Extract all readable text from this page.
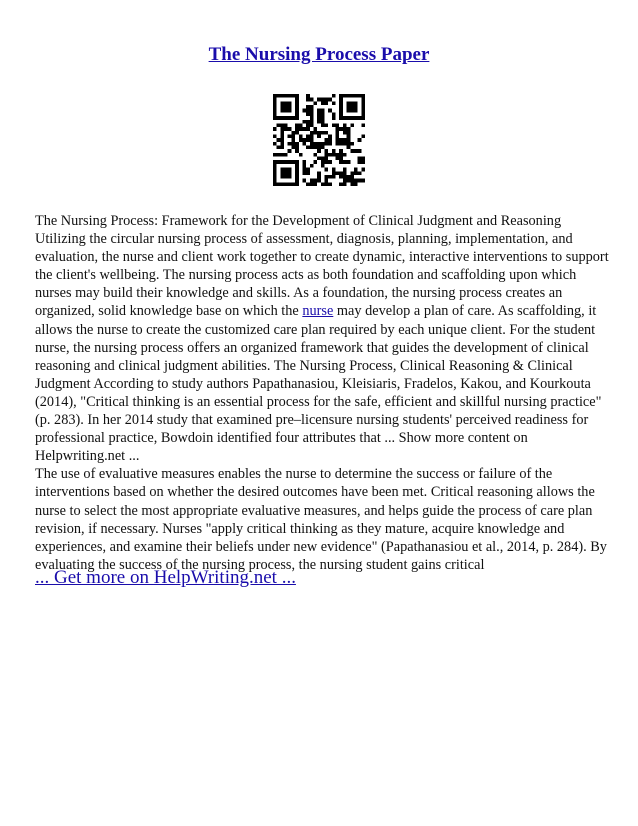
The Nursing Process Paper

The Nursing Process: Framework for the Development of Clinical Judgment and Reasoning Utilizing the circular nursing process of assessment, diagnosis, planning, implementation, and evaluation, the nurse and client work together to create dynamic, interactive interventions to support the client's wellbeing. The nursing process acts as both foundation and scaffolding upon which nurses may build their knowledge and skills. As a foundation, the nursing process creates an organized, solid knowledge base on which the nurse may develop a plan of care. As scaffolding, it allows the nurse to create the customized care plan required by each unique client. For the student nurse, the nursing process offers an organized framework that guides the development of clinical reasoning and clinical judgment abilities. The Nursing Process, Clinical Reasoning & Clinical Judgment According to study authors Papathanasiou, Kleisiaris, Fradelos, Kakou, and Kourkouta (2014), "Critical thinking is an essential process for the safe, efficient and skillful nursing practice" (p. 283). In her 2014 study that examined pre–licensure nursing students' perceived readiness for professional practice, Bowdoin identified four attributes that ... Show more content on Helpwriting.net ...

The use of evaluative measures enables the nurse to determine the success or failure of the interventions based on whether the desired outcomes have been met. Critical reasoning allows the nurse to select the most appropriate evaluative measures, and helps guide the process of care plan revision, if necessary. Nurses "apply critical thinking as they mature, acquire knowledge and experiences, and examine their beliefs under new evidence" (Papathanasiou et al., 2014, p. 284). By evaluating the success of the nursing process, the nursing student gains critical

... Get more on HelpWriting.net ...
